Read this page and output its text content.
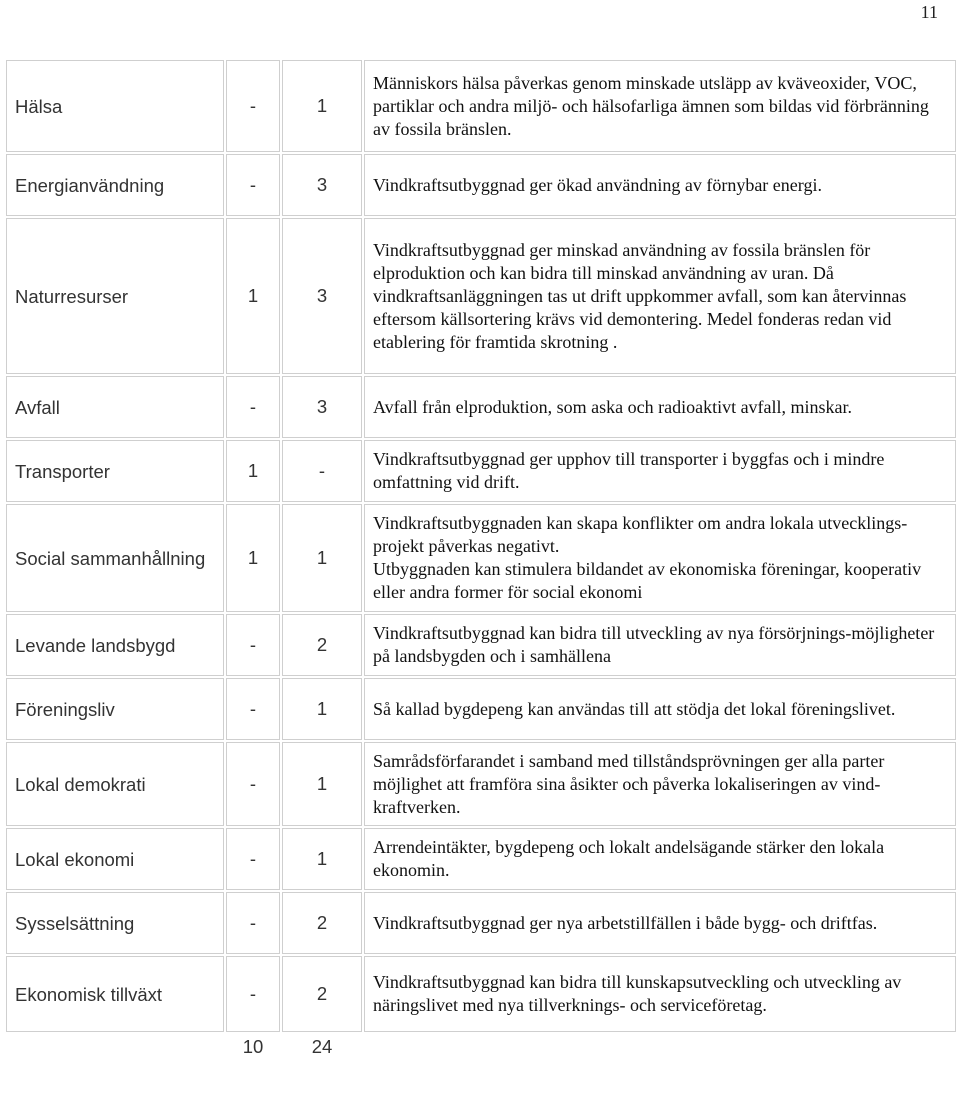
11
Hälsa	-	1	Människors hälsa påverkas genom minskade utsläpp av kväveoxider, VOC, partiklar och andra miljö- och hälsofarliga ämnen som bildas vid förbränning av fossila bränslen.

Energianvändning	-	3	Vindkraftsutbyggnad ger ökad användning av förnybar energi.

Naturresurser	1	3	Vindkraftsutbyggnad ger minskad användning av fossila bränslen för elproduktion och kan bidra till minskad användning av uran. Då vindkraftsanläggningen tas ut drift uppkommer avfall, som kan återvinnas eftersom källsortering krävs vid demontering. Medel fonderas redan vid etablering för framtida skrotning .

Avfall	-	3	Avfall från elproduktion, som aska och radioaktivt avfall, minskar.

Transporter	1	-	Vindkraftsutbyggnad ger upphov till transporter i byggfas och i mindre omfattning vid drift.

Social sammanhållning	1	1	Vindkraftsutbyggnaden kan skapa konflikter om andra lokala utvecklings-projekt påverkas negativt.
Utbyggnaden kan stimulera bildandet av ekonomiska föreningar, kooperativ eller andra former för social ekonomi

Levande landsbygd	-	2	Vindkraftsutbyggnad kan bidra till utveckling av nya försörjnings-möjligheter på landsbygden och i samhällena

Föreningsliv	-	1	Så kallad bygdepeng kan användas till att stödja det lokal föreningslivet.

Lokal demokrati	-	1	Samrådsförfarandet i samband med tillståndsprövningen ger alla parter möjlighet att framföra sina åsikter och påverka lokaliseringen av vind-kraftverken.

Lokal ekonomi	-	1	Arrendeintäkter, bygdepeng och lokalt andelsägande stärker den lokala ekonomin.

Sysselsättning	-	2	Vindkraftsutbyggnad ger nya arbetstillfällen i både bygg- och driftfas.

Ekonomisk tillväxt	-	2	Vindkraftsutbyggnad kan bidra till kunskapsutveckling och utveckling av näringslivet med nya tillverknings- och serviceföretag.

	10	24	
